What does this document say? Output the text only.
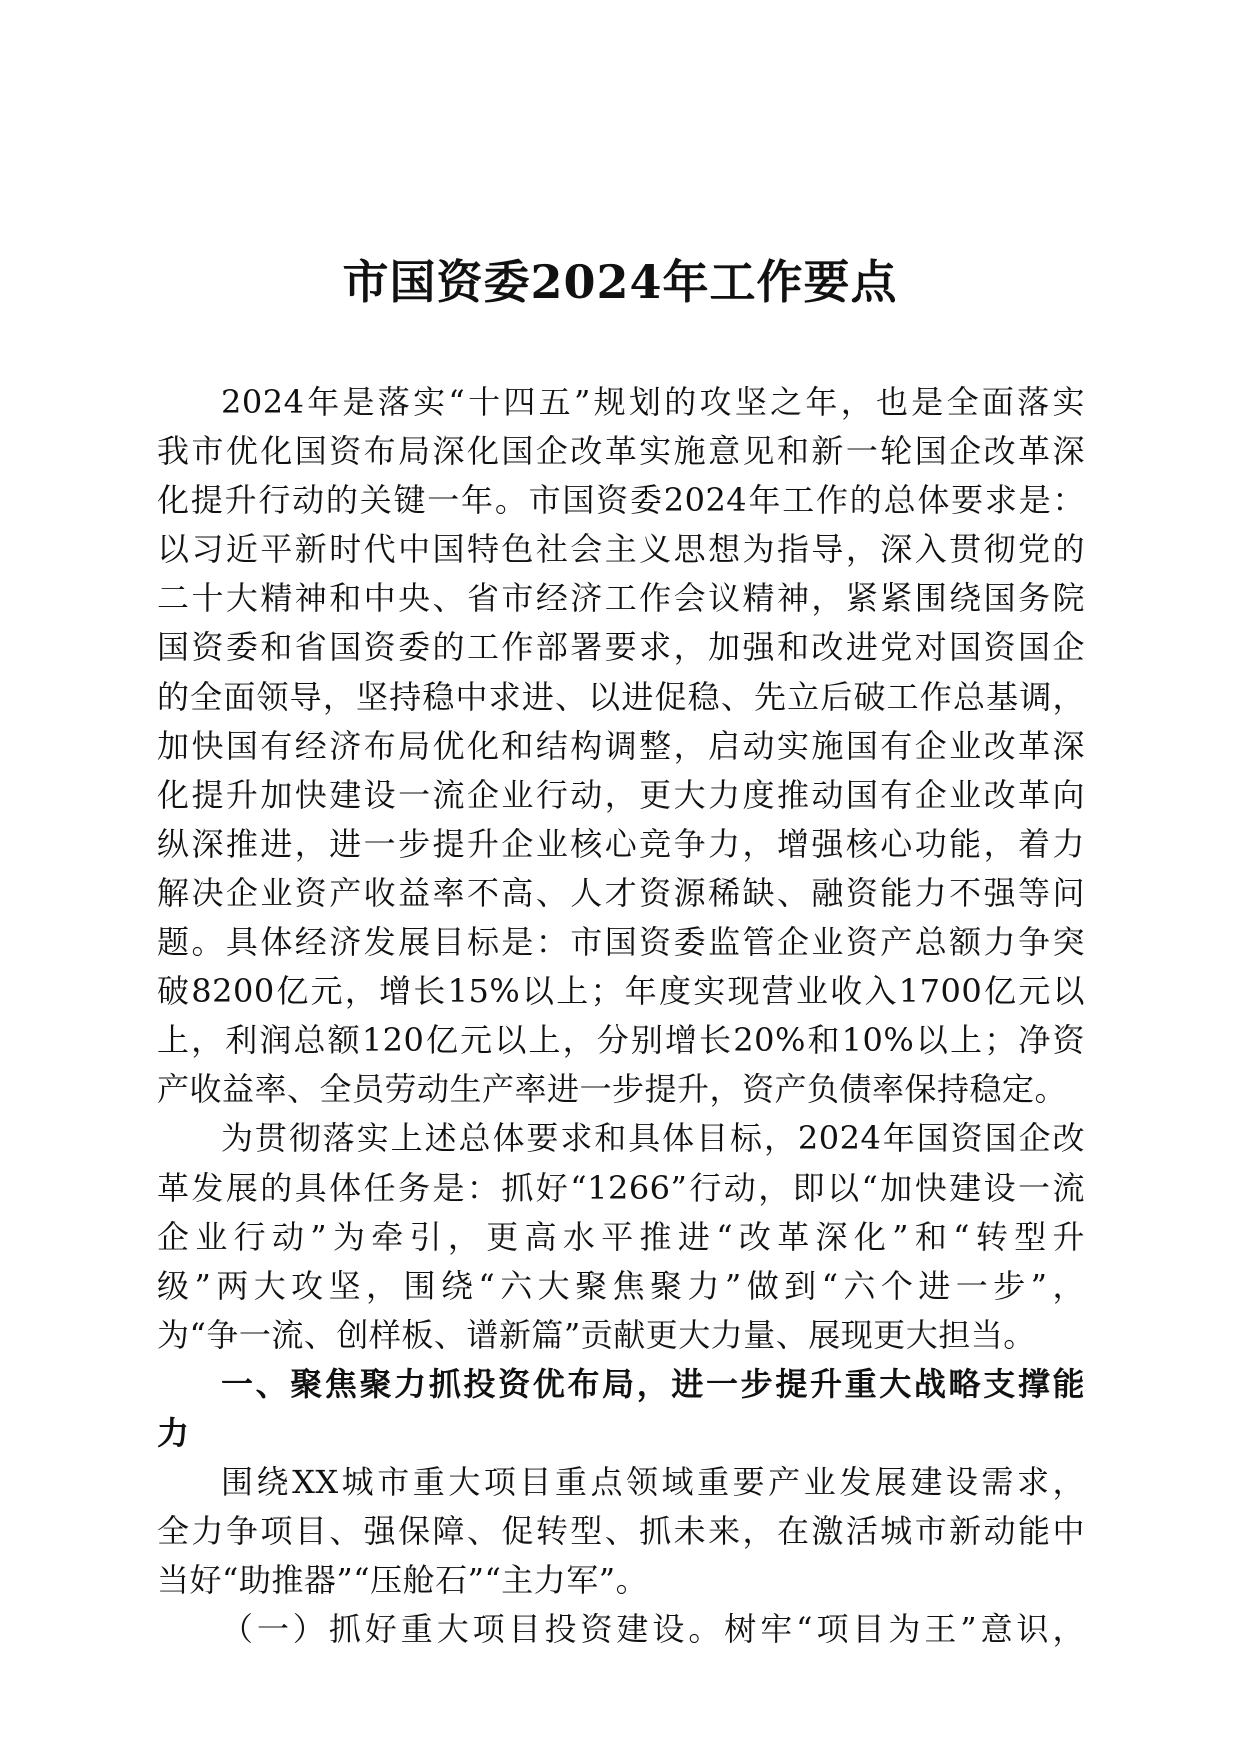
市国资委2024年工作要点
2024年是落实“十四五”规划的攻坚之年，也是全面落实
我市优化国资布局深化国企改革实施意见和新一轮国企改革深
化提升行动的关键一年。市国资委2024年工作的总体要求是：
以习近平新时代中国特色社会主义思想为指导，深入贯彻党的
二十大精神和中央、省市经济工作会议精神，紧紧围绕国务院
国资委和省国资委的工作部署要求，加强和改进党对国资国企
的全面领导，坚持稳中求进、以进促稳、先立后破工作总基调，
加快国有经济布局优化和结构调整，启动实施国有企业改革深
化提升加快建设一流企业行动，更大力度推动国有企业改革向
纵深推进，进一步提升企业核心竞争力，增强核心功能，着力
解决企业资产收益率不高、人才资源稀缺、融资能力不强等问
题。具体经济发展目标是：市国资委监管企业资产总额力争突
破8200亿元，增长15%以上；年度实现营业收入1700亿元以
上，利润总额120亿元以上，分别增长20%和10%以上；净资
产收益率、全员劳动生产率进一步提升，资产负债率保持稳定。
为贯彻落实上述总体要求和具体目标，2024年国资国企改
革发展的具体任务是：抓好“1266”行动，即以“加快建设一流
企业行动”为牵引，更高水平推进“改革深化”和“转型升
级”两大攻坚，围绕“六大聚焦聚力”做到“六个进一步”，
为“争一流、创样板、谱新篇”贡献更大力量、展现更大担当。
一、聚焦聚力抓投资优布局，进一步提升重大战略支撑能
力
围绕XX城市重大项目重点领域重要产业发展建设需求，
全力争项目、强保障、促转型、抓未来，在激活城市新动能中
当好“助推器”“压舱石”“主力军”。
（一）抓好重大项目投资建设。树牢“项目为王”意识，
